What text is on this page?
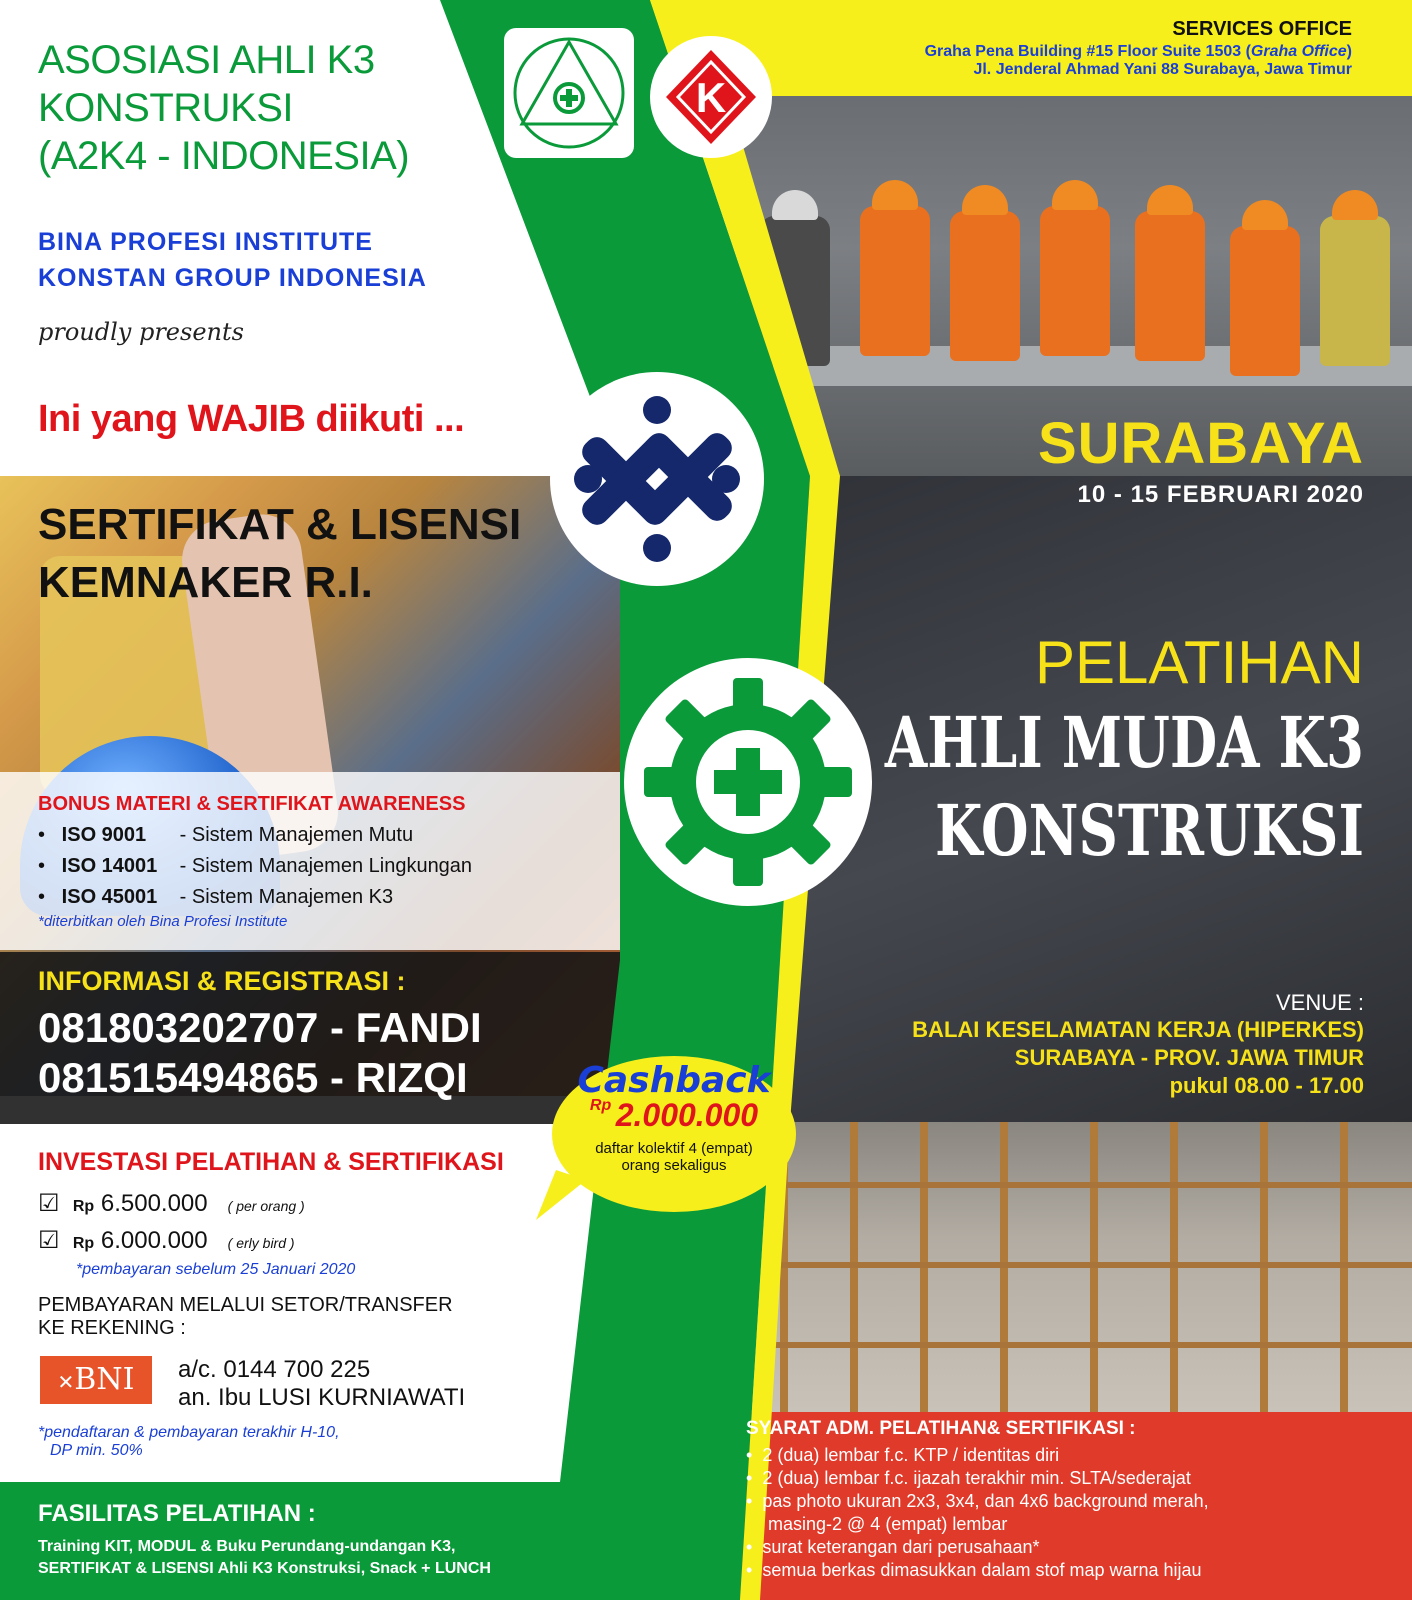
ASOSIASI AHLI K3
KONSTRUKSI
(A2K4 - INDONESIA)
BINA PROFESI INSTITUTE
KONSTAN GROUP INDONESIA
proudly presents
Ini yang WAJIB diikuti ...
K
SERVICES OFFICE
Graha Pena Building #15 Floor Suite 1503 (Graha Office)
Jl. Jenderal Ahmad Yani 88 Surabaya, Jawa Timur
SERTIFIKAT & LISENSI
KEMNAKER R.I.
SURABAYA
10 - 15 FEBRUARI 2020
PELATIHAN
AHLI MUDA K3
KONSTRUKSI
BONUS MATERI & SERTIFIKAT AWARENESS
•   ISO 9001 - Sistem Manajemen Mutu
•   ISO 14001 - Sistem Manajemen Lingkungan
•   ISO 45001 - Sistem Manajemen K3
*diterbitkan oleh Bina Profesi Institute
INFORMASI & REGISTRASI :
081803202707 - FANDI
081515494865 - RIZQI
VENUE :
BALAI KESELAMATAN KERJA (HIPERKES)
SURABAYA - PROV. JAWA TIMUR
pukul 08.00 - 17.00
Cashback
Rp 2.000.000
daftar kolektif 4 (empat)
orang sekaligus
INVESTASI PELATIHAN & SERTIFIKASI
☑ Rp 6.500.000 ( per orang )
☑ Rp 6.000.000 ( erly bird )
*pembayaran sebelum 25 Januari 2020
PEMBAYARAN MELALUI SETOR/TRANSFER
KE REKENING :
✕BNI	a/c. 0144 700 225
an. Ibu LUSI KURNIAWATI
*pendaftaran & pembayaran terakhir H-10,
DP min. 50%
FASILITAS PELATIHAN :
Training KIT, MODUL & Buku Perundang-undangan K3,
SERTIFIKAT & LISENSI Ahli K3 Konstruksi, Snack + LUNCH
SYARAT ADM. PELATIHAN& SERTIFIKASI :
•  2 (dua) lembar f.c. KTP / identitas diri
•  2 (dua) lembar f.c. ijazah terakhir min. SLTA/sederajat
•  pas photo ukuran 2x3, 3x4, dan 4x6 background merah,
masing-2 @ 4 (empat) lembar
•  surat keterangan dari perusahaan*
•  semua berkas dimasukkan dalam stof map warna hijau
